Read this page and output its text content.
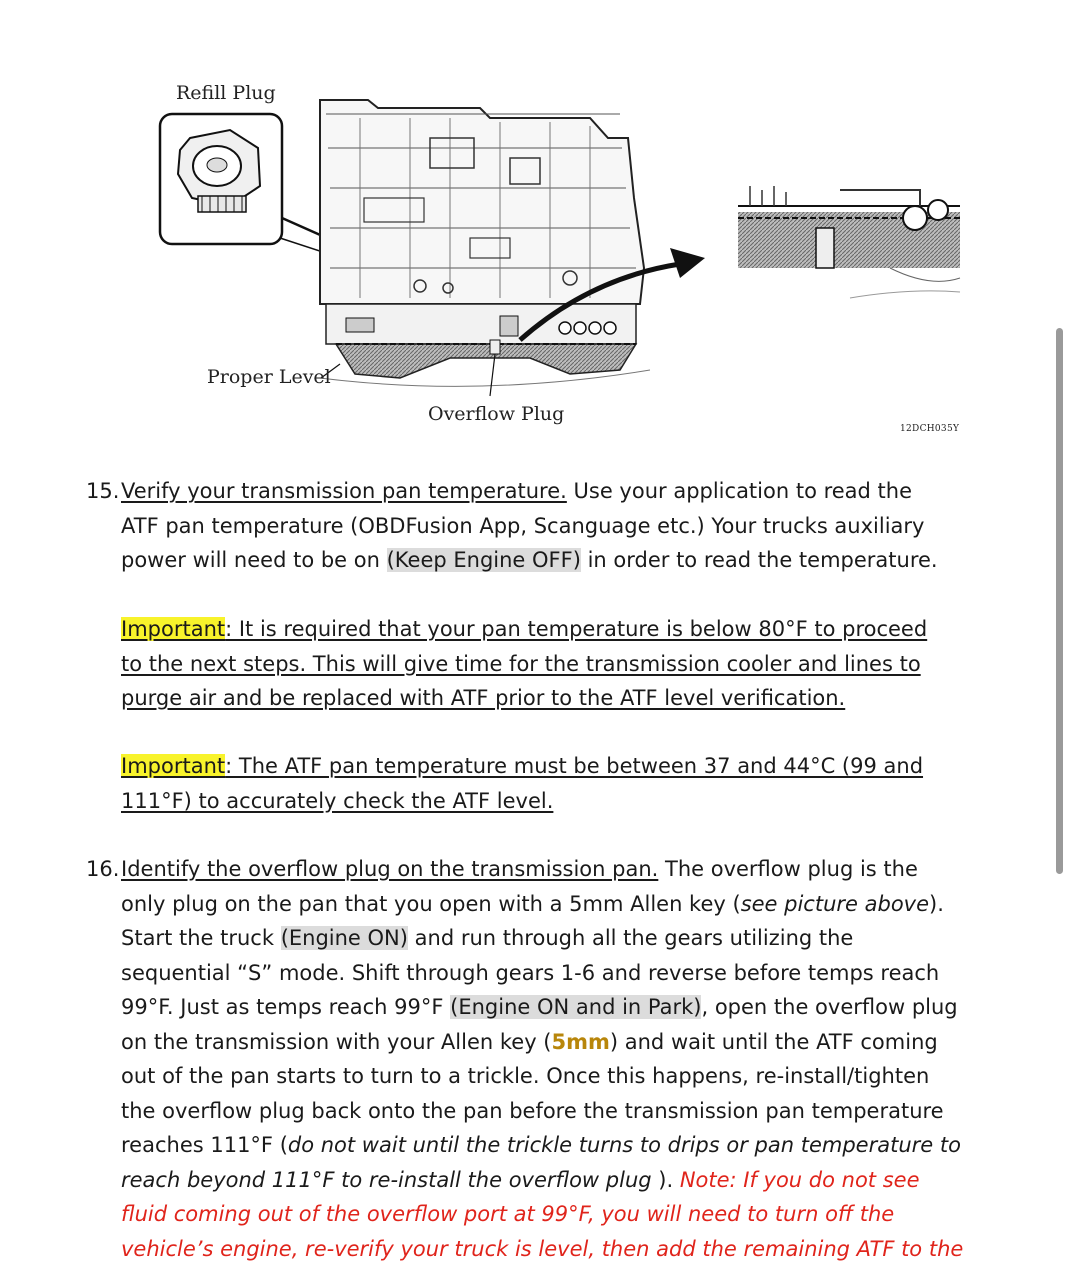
Refill Plug
Proper Level
Overflow Plug
12DCH035Y
15. Verify your transmission pan temperature. Use your application to read the
ATF pan temperature (OBDFusion App, Scanguage etc.) Your trucks auxiliary
power will need to be on (Keep Engine OFF) in order to read the temperature.
Important: It is required that your pan temperature is below 80°F to proceed
to the next steps. This will give time for the transmission cooler and lines to
purge air and be replaced with ATF prior to the ATF level verification.
Important: The ATF pan temperature must be between 37 and 44°C (99 and
111°F) to accurately check the ATF level.
16. Identify the overflow plug on the transmission pan. The overflow plug is the
only plug on the pan that you open with a 5mm Allen key (see picture above).
Start the truck (Engine ON) and run through all the gears utilizing the
sequential “S” mode. Shift through gears 1-6 and reverse before temps reach
99°F. Just as temps reach 99°F (Engine ON and in Park), open the overflow plug
on the transmission with your Allen key (5mm) and wait until the ATF coming
out of the pan starts to turn to a trickle. Once this happens, re-install/tighten
the overflow plug back onto the pan before the transmission pan temperature
reaches 111°F (do not wait until the trickle turns to drips or pan temperature to
reach beyond 111°F to re-install the overflow plug ). Note: If you do not see
fluid coming out of the overflow port at 99°F, you will need to turn off the
vehicle’s engine, re-verify your truck is level, then add the remaining ATF to the
